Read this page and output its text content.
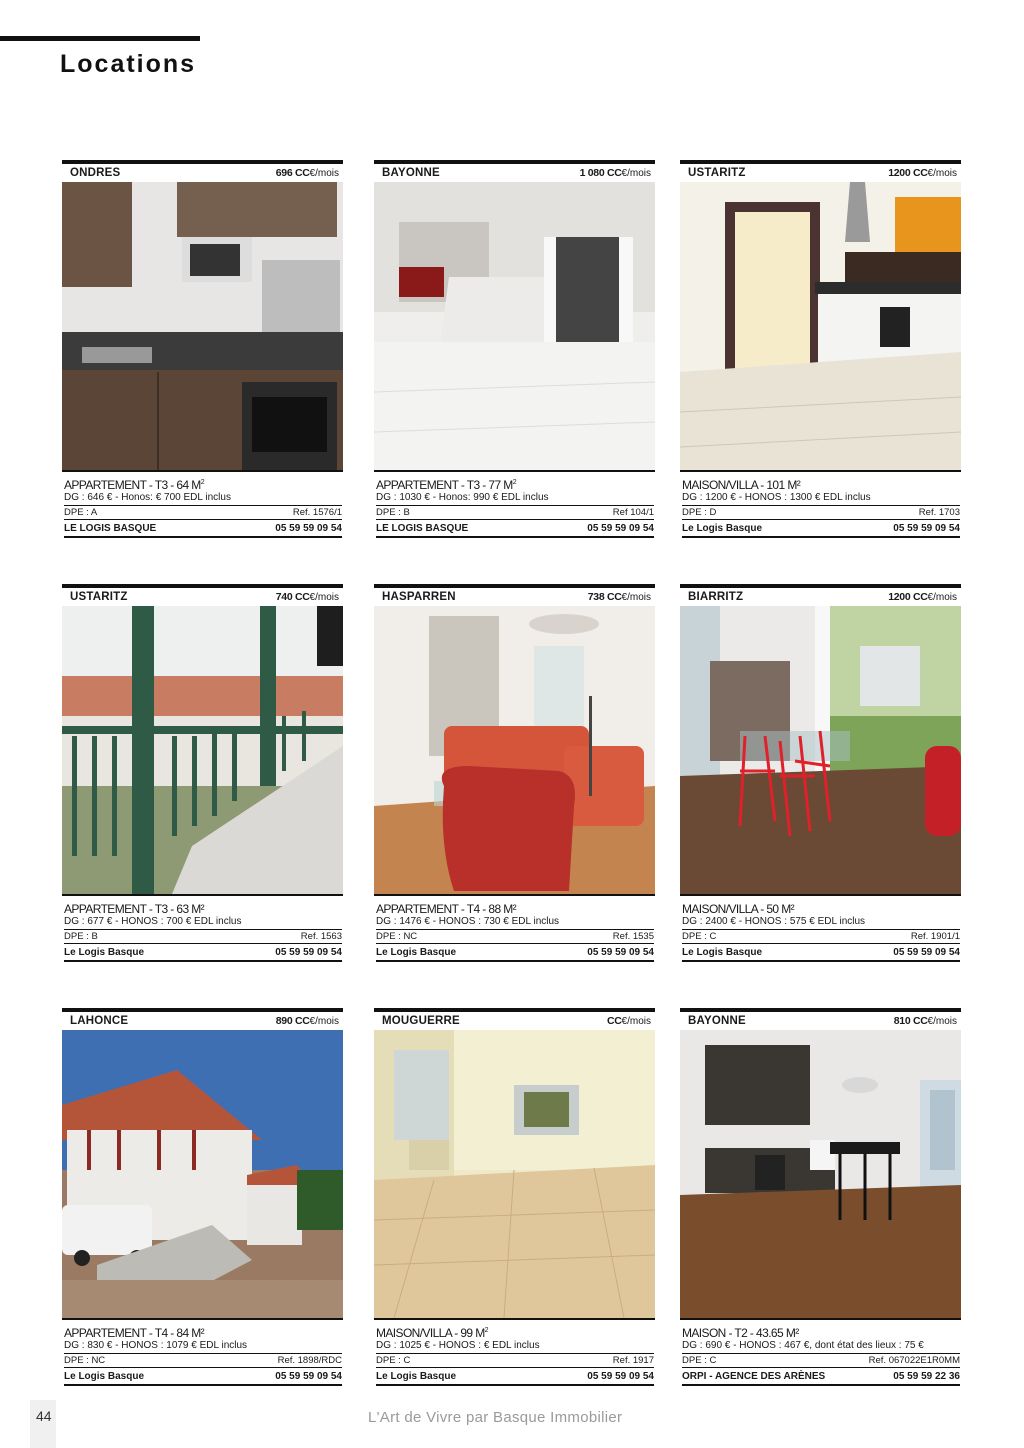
Locations
ONDRES	696 CC€/mois
APPARTEMENT - T3 - 64 $M^2$
DG : 646 € - Honos: € 700 EDL inclus
DPE : A	Ref. 1576/1
LE LOGIS BASQUE	05 59 59 09 54
BAYONNE	1 080 CC€/mois
APPARTEMENT - T3 - 77 $M^2$
DG : 1030 € - Honos: 990 € EDL inclus
DPE : B	Ref 104/1
LE LOGIS BASQUE	05 59 59 09 54
USTARITZ	1200 CC€/mois
MAISON/VILLA - 101 M²
DG : 1200 € - HONOS : 1300 € EDL inclus
DPE : D	Ref. 1703
Le Logis Basque	05 59 59 09 54
USTARITZ	740 CC€/mois
APPARTEMENT - T3 - 63 M²
DG : 677 € - HONOS : 700 € EDL inclus
DPE : B	Ref. 1563
Le Logis Basque	05 59 59 09 54
HASPARREN	738 CC€/mois
APPARTEMENT - T4 - 88 M²
DG : 1476 € - HONOS : 730 € EDL inclus
DPE : NC	Ref. 1535
Le Logis Basque	05 59 59 09 54
BIARRITZ	1200 CC€/mois
MAISON/VILLA - 50 M²
DG : 2400 € - HONOS : 575 € EDL inclus
DPE : C	Ref. 1901/1
Le Logis Basque	05 59 59 09 54
LAHONCE	890 CC€/mois
APPARTEMENT - T4 - 84 M²
DG : 830 € - HONOS : 1079 € EDL inclus
DPE : NC	Ref. 1898/RDC
Le Logis Basque	05 59 59 09 54
MOUGUERRE	CC€/mois
MAISON/VILLA - 99 $M^2$
DG : 1025 € - HONOS : € EDL inclus
DPE : C	Ref. 1917
Le Logis Basque	05 59 59 09 54
BAYONNE	810 CC€/mois
MAISON - T2 - 43.65 M²
DG : 690 € - HONOS : 467 €, dont état des lieux : 75 €
DPE : C	Ref. 067022E1R0MM
ORPI - AGENCE DES ARÈNES	05 59 59 22 36
44	L'Art de Vivre par Basque Immobilier
